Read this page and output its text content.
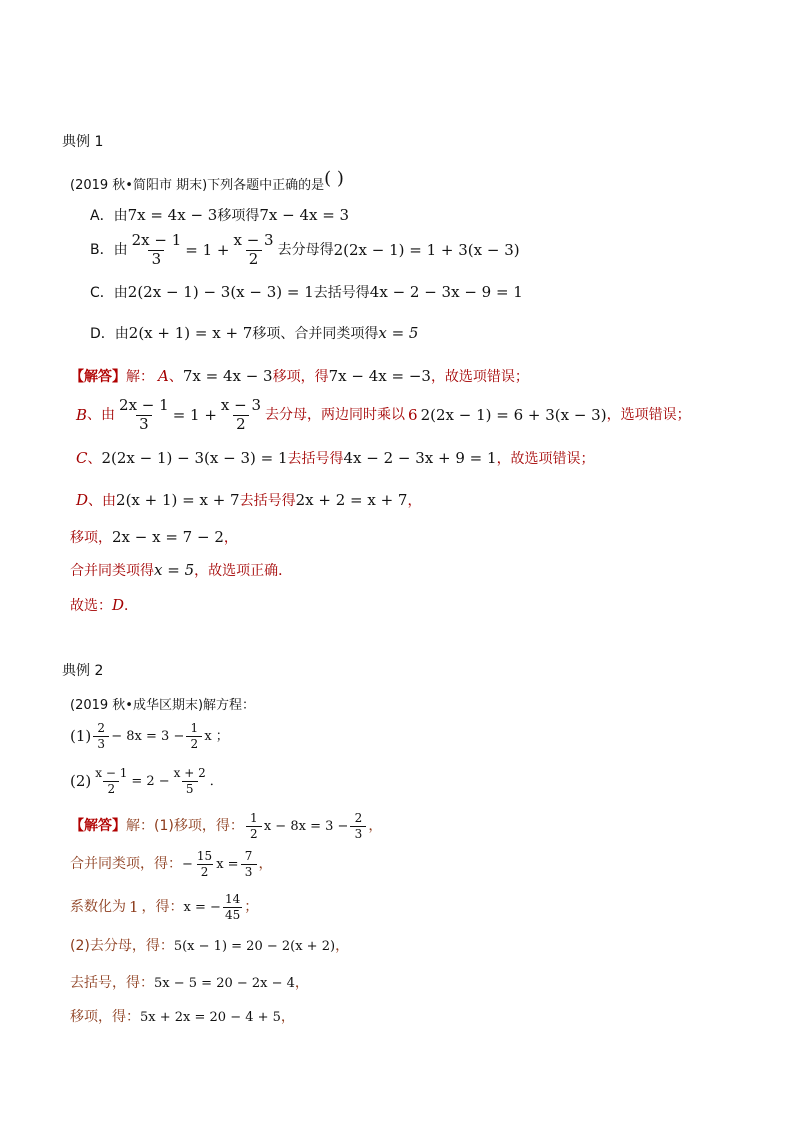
典例 1
(2019 秋•简阳市 期末)下列各题中正确的是 ( )
A．由 7x = 4x − 3 移项得 7x − 4x = 3
B．由 $\frac{2x - 1}{3} = 1 + \frac{x - 3}{2}$ 去分母得 2(2x − 1) = 1 + 3(x − 3)
C．由 2(2x − 1) − 3(x − 3) = 1 去括号得 4x − 2 − 3x − 9 = 1
D．由 2(x + 1) = x + 7 移项、合并同类项得 x = 5
【解答】 解： A 、 7x = 4x − 3 移项，得 7x − 4x = −3 ，故选项错误；
B 、由 $\frac{2x - 1}{3} = 1 + \frac{x - 3}{2}$ 去分母，两边同时乘以 6 2(2x − 1) = 6 + 3(x − 3) ，选项错误；
C 、 2(2x − 1) − 3(x − 3) = 1 去括号得 4x − 2 − 3x + 9 = 1 ，故选项错误；
D 、由 2(x + 1) = x + 7 去括号得 2x + 2 = x + 7 ，
移项， 2x − x = 7 − 2 ，
合并同类项得 x = 5 ，故选项正确．
故选： D ．
典例 2
(2019 秋•成华区期末)解方程：
$(1) \frac{2}{3} - 8x = 3 - \frac{1}{2}$ x ；
$(2) \frac{x - 1}{2} = 2 - \frac{x + 2}{5}$ ．
【解答】 解： (1)移项，得： $\frac{1}{2}$ $x - 8x = 3 - \frac{2}{3}$ ，
合并同类项，得： − $\frac{15}{2}$ $x = \frac{7}{3}$ ，
系数化为 1 ，得： x = − $\frac{14}{45}$ ；
(2)去分母，得： 5(x − 1) = 20 − 2(x + 2) ，
去括号，得： 5x − 5 = 20 − 2x − 4 ，
移项，得： 5x + 2x = 20 − 4 + 5 ，
